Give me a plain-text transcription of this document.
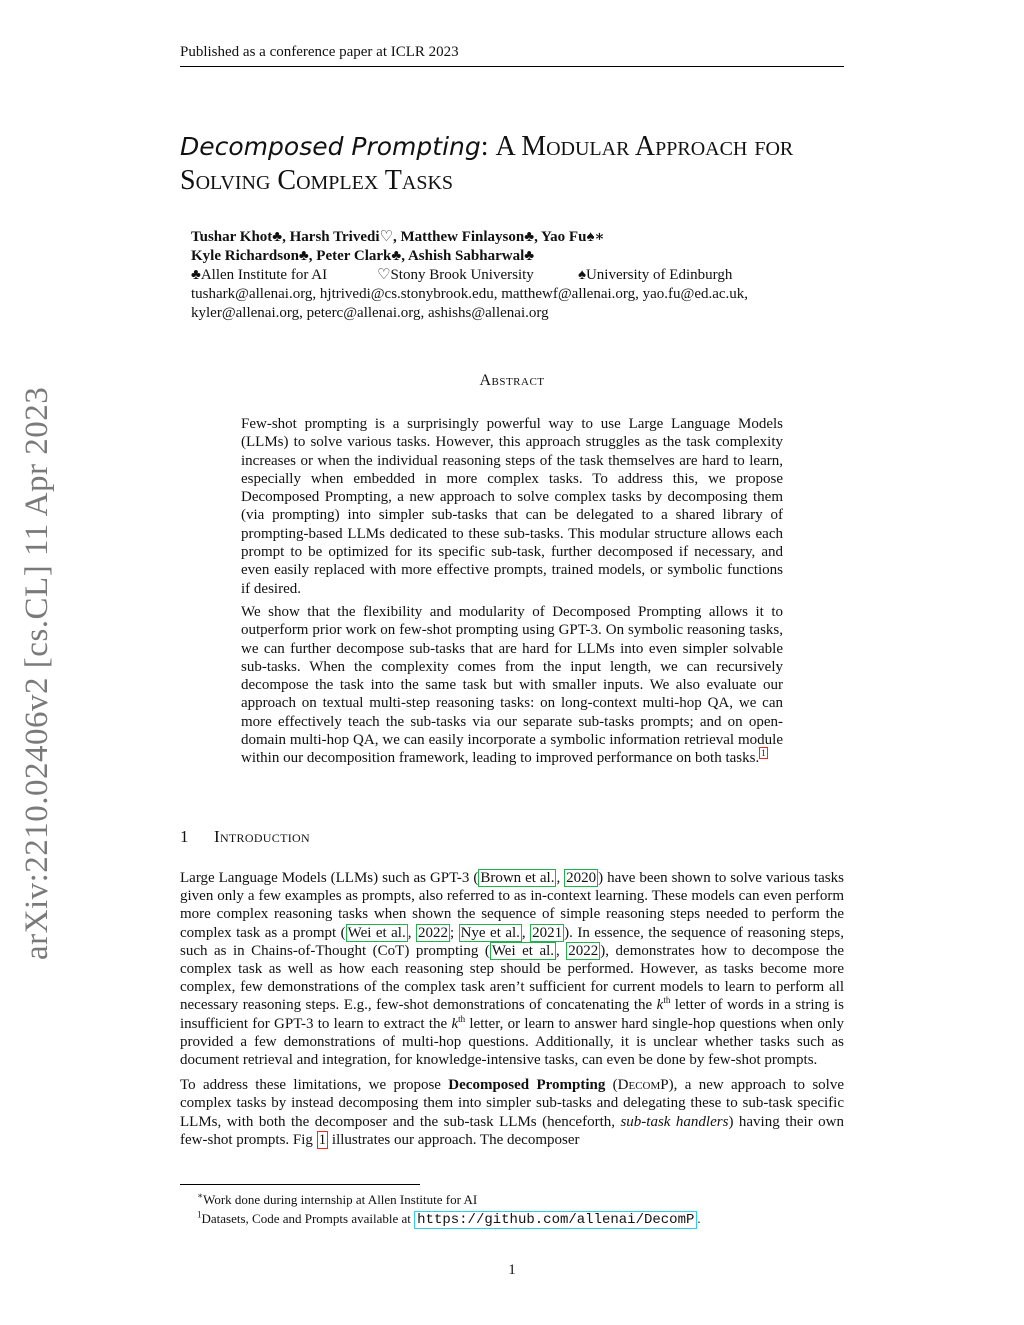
Published as a conference paper at ICLR 2023
arXiv:2210.02406v2 [cs.CL] 11 Apr 2023
Decomposed Prompting: A Modular Approach for
Solving Complex Tasks
Tushar Khot♣, Harsh Trivedi♡, Matthew Finlayson♣, Yao Fu♠∗
Kyle Richardson♣, Peter Clark♣, Ashish Sabharwal♣
♣Allen Institute for AI	♡Stony Brook University	♠University of Edinburgh
tushark@allenai.org, hjtrivedi@cs.stonybrook.edu, matthewf@allenai.org, yao.fu@ed.ac.uk,
kyler@allenai.org, peterc@allenai.org, ashishs@allenai.org
Abstract

Few-shot prompting is a surprisingly powerful way to use Large Language Models (LLMs) to solve various tasks. However, this approach struggles as the task complexity increases or when the individual reasoning steps of the task themselves are hard to learn, especially when embedded in more complex tasks. To address this, we propose Decomposed Prompting, a new approach to solve complex tasks by decomposing them (via prompting) into simpler sub-tasks that can be delegated to a shared library of prompting-based LLMs dedicated to these sub-tasks. This modular structure allows each prompt to be optimized for its specific sub-task, further decomposed if necessary, and even easily replaced with more effective prompts, trained models, or symbolic functions if desired.

We show that the flexibility and modularity of Decomposed Prompting allows it to outperform prior work on few-shot prompting using GPT-3. On symbolic reasoning tasks, we can further decompose sub-tasks that are hard for LLMs into even simpler solvable sub-tasks. When the complexity comes from the input length, we can recursively decompose the task into the same task but with smaller inputs. We also evaluate our approach on textual multi-step reasoning tasks: on long-context multi-hop QA, we can more effectively teach the sub-tasks via our separate sub-tasks prompts; and on open-domain multi-hop QA, we can easily incorporate a symbolic information retrieval module within our decomposition framework, leading to improved performance on both tasks. $^1$

1 Introduction

Large Language Models (LLMs) such as GPT-3 ( Brown et al. , 2020 ) have been shown to solve various tasks given only a few examples as prompts, also referred to as in-context learning. These models can even perform more complex reasoning tasks when shown the sequence of simple reasoning steps needed to perform the complex task as a prompt ( Wei et al. , 2022 ; Nye et al. , 2021 ). In essence, the sequence of reasoning steps, such as in Chains-of-Thought (CoT) prompting ( Wei et al. , 2022 ), demonstrates how to decompose the complex task as well as how each reasoning step should be performed. However, as tasks become more complex, few demonstrations of the complex task aren’t sufficient for current models to learn to perform all necessary reasoning steps. E.g., few-shot demonstrations of concatenating the $k^{th}$ letter of words in a string is insufficient for GPT-3 to learn to extract the $k^{th}$ letter, or learn to answer hard single-hop questions when only provided a few demonstrations of multi-hop questions. Additionally, it is unclear whether tasks such as document retrieval and integration, for knowledge-intensive tasks, can even be done by few-shot prompts.

To address these limitations, we propose Decomposed Prompting (DecomP), a new approach to solve complex tasks by instead decomposing them into simpler sub-tasks and delegating these to sub-task specific LLMs, with both the decomposer and the sub-task LLMs (henceforth, sub-task handlers) having their own few-shot prompts. Fig 1 illustrates our approach. The decomposer

∗Work done during internship at Allen Institute for AI
$^1$Datasets, Code and Prompts available at https://github.com/allenai/DecomP .
1
